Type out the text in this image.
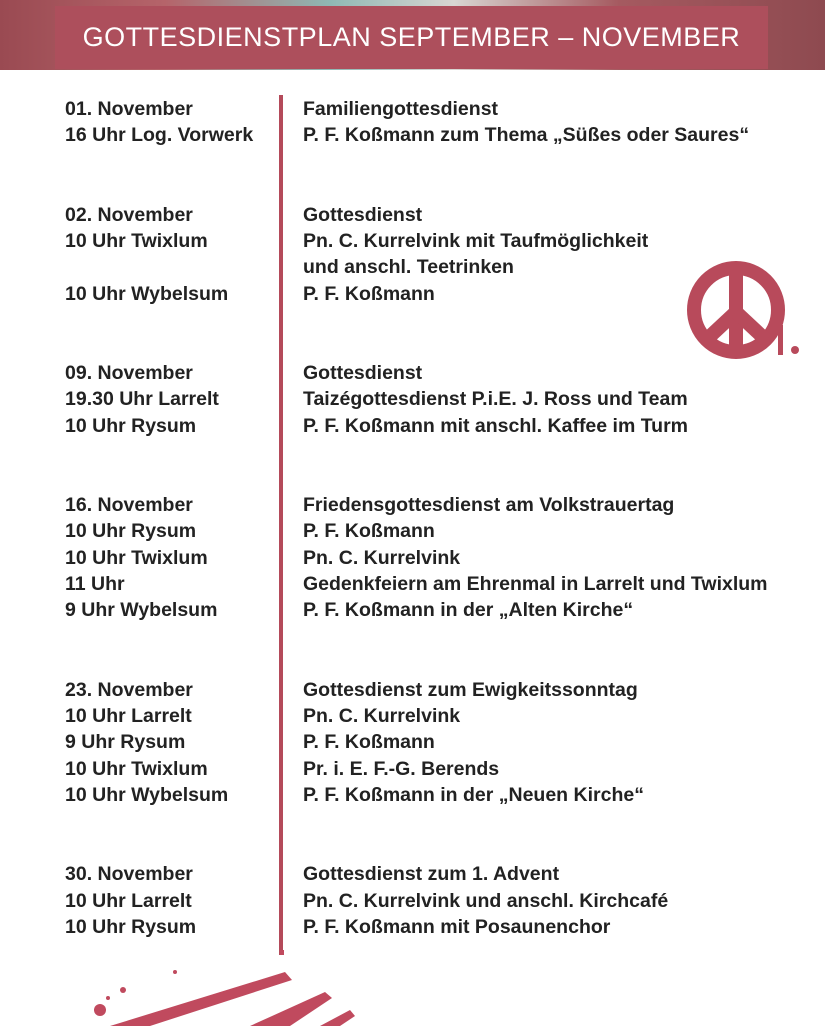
GOTTESDIENSTPLAN SEPTEMBER – NOVEMBER
01. November	Familiengottesdienst
16 Uhr Log. Vorwerk	P. F. Koßmann zum Thema „Süßes oder Saures“
02. November	Gottesdienst
10 Uhr Twixlum	Pn. C. Kurrelvink mit Taufmöglichkeit
und anschl. Teetrinken
10 Uhr Wybelsum	P. F. Koßmann
09. November	Gottesdienst
19.30 Uhr Larrelt	Taizégottesdienst P.i.E. J. Ross und Team
10 Uhr Rysum	P. F. Koßmann mit anschl. Kaffee im Turm
16. November	Friedensgottesdienst am Volkstrauertag
10 Uhr Rysum	P. F. Koßmann
10 Uhr Twixlum	Pn. C. Kurrelvink
11 Uhr	Gedenkfeiern am Ehrenmal in Larrelt und Twixlum
9 Uhr Wybelsum	P. F. Koßmann in der „Alten Kirche“
23. November	Gottesdienst zum Ewigkeitssonntag
10 Uhr Larrelt	Pn. C. Kurrelvink
9 Uhr Rysum	P. F. Koßmann
10 Uhr Twixlum	Pr. i. E. F.-G. Berends
10 Uhr Wybelsum	P. F. Koßmann in der „Neuen Kirche“
30. November	Gottesdienst zum 1. Advent
10 Uhr Larrelt	Pn. C. Kurrelvink und anschl. Kirchcafé
10 Uhr Rysum	P. F. Koßmann mit Posaunenchor
